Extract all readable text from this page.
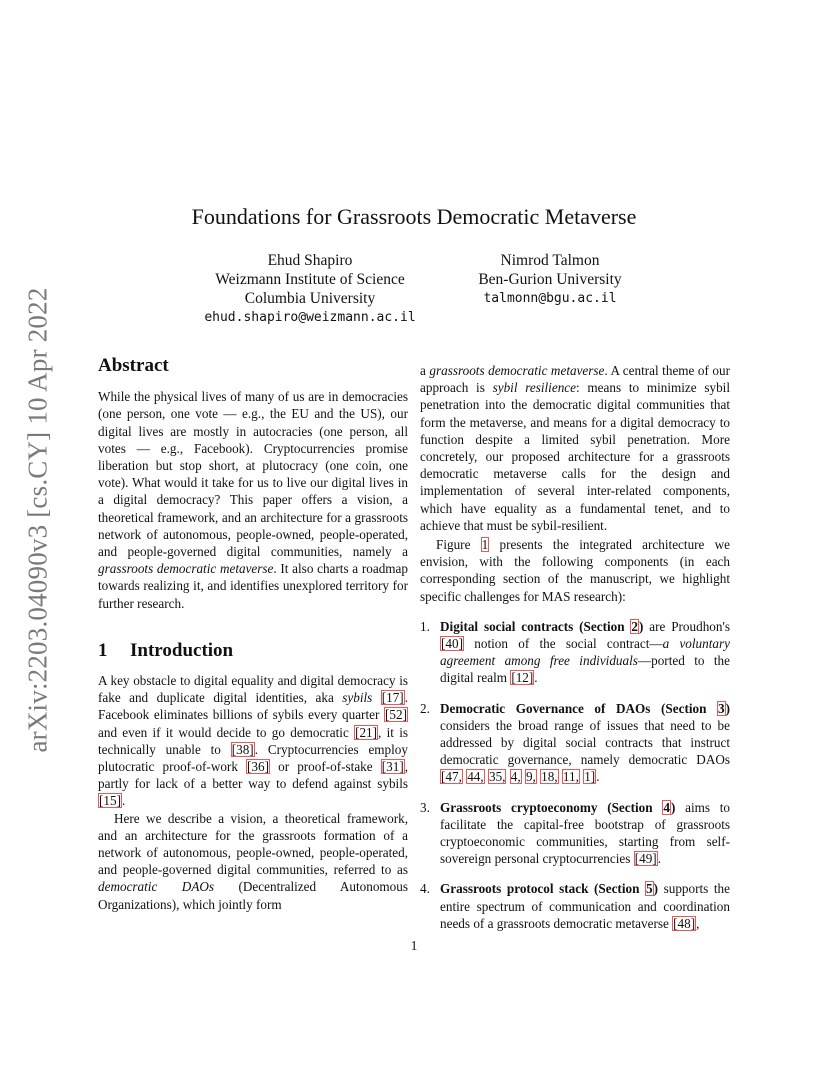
arXiv:2203.04090v3 [cs.CY] 10 Apr 2022
Foundations for Grassroots Democratic Metaverse
Ehud Shapiro
Weizmann Institute of Science
Columbia University
ehud.shapiro@weizmann.ac.il
Nimrod Talmon
Ben-Gurion University
talmonn@bgu.ac.il
Abstract

While the physical lives of many of us are in democracies (one person, one vote — e.g., the EU and the US), our digital lives are mostly in autocracies (one person, all votes — e.g., Facebook). Cryptocurrencies promise liberation but stop short, at plutocracy (one coin, one vote). What would it take for us to live our digital lives in a digital democracy? This paper offers a vision, a theoretical framework, and an architecture for a grassroots network of autonomous, people-owned, people-operated, and people-governed digital communities, namely a grassroots democratic metaverse. It also charts a roadmap towards realizing it, and identifies unexplored territory for further research.

1 Introduction

A key obstacle to digital equality and digital democracy is fake and duplicate digital identities, aka sybils [17]. Facebook eliminates billions of sybils every quarter [52] and even if it would decide to go democratic [21], it is technically unable to [38]. Cryptocurrencies employ plutocratic proof-of-work [36] or proof-of-stake [31], partly for lack of a better way to defend against sybils [15].

Here we describe a vision, a theoretical framework, and an architecture for the grassroots formation of a network of autonomous, people-owned, people-operated, and people-governed digital communities, referred to as democratic DAOs (Decentralized Autonomous Organizations), which jointly form

a grassroots democratic metaverse. A central theme of our approach is sybil resilience: means to minimize sybil penetration into the democratic digital communities that form the metaverse, and means for a digital democracy to function despite a limited sybil penetration. More concretely, our proposed architecture for a grassroots democratic metaverse calls for the design and implementation of several inter-related components, which have equality as a fundamental tenet, and to achieve that must be sybil-resilient.

Figure 1 presents the integrated architecture we envision, with the following components (in each corresponding section of the manuscript, we highlight specific challenges for MAS research):

1. Digital social contracts (Section 2) are Proudhon's [40] notion of the social contract—a voluntary agreement among free individuals—ported to the digital realm [12].
2. Democratic Governance of DAOs (Section 3) considers the broad range of issues that need to be addressed by digital social contracts that instruct democratic governance, namely democratic DAOs [47, 44, 35, 4, 9, 18, 11, 1].
3. Grassroots cryptoeconomy (Section 4) aims to facilitate the capital-free bootstrap of grassroots cryptoeconomic communities, starting from self-sovereign personal cryptocurrencies [49].
4. Grassroots protocol stack (Section 5) supports the entire spectrum of communication and coordination needs of a grassroots democratic metaverse [48],
1
